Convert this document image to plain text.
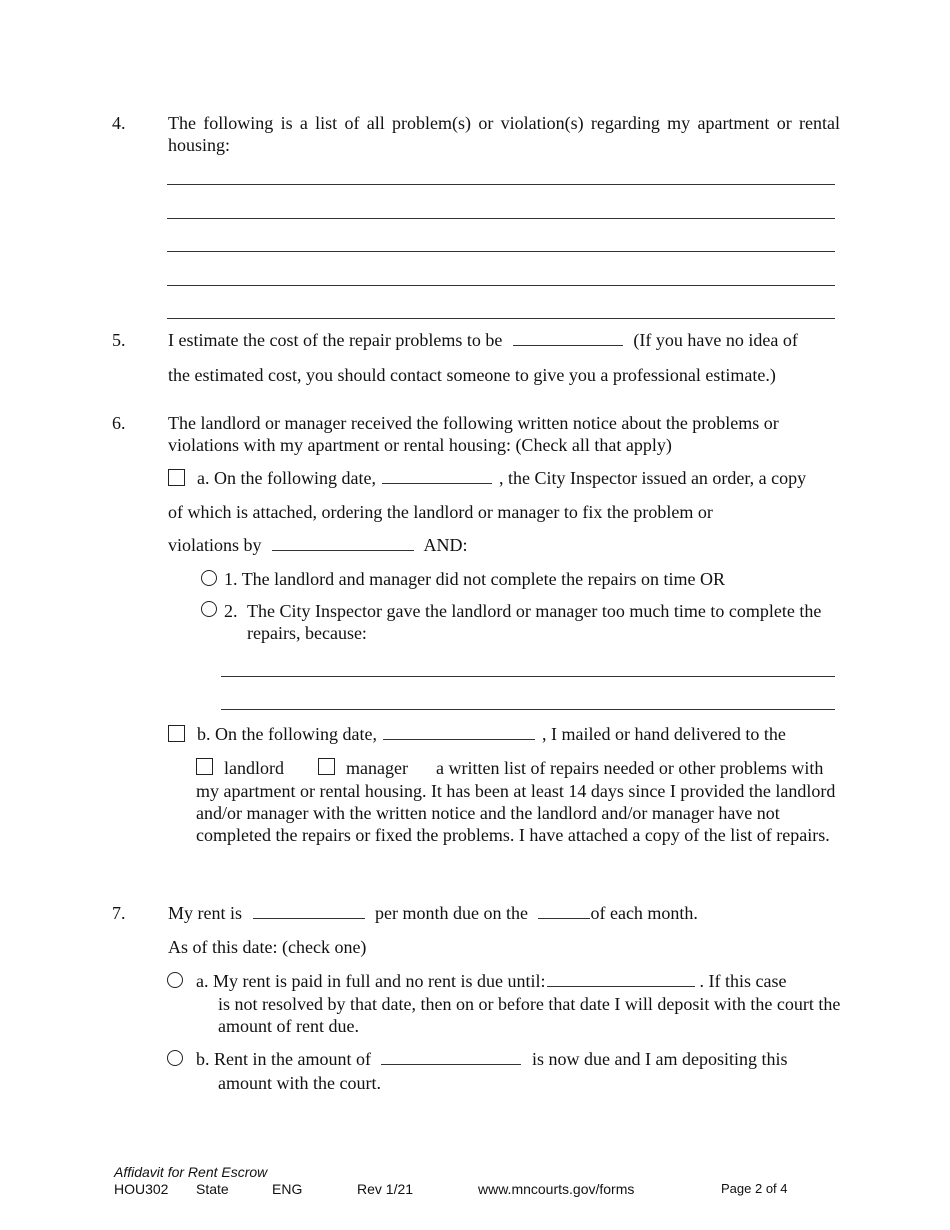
4. The following is a list of all problem(s) or violation(s) regarding my apartment or rental housing:
5. I estimate the cost of the repair problems to be	(If you have no idea of
the estimated cost, you should contact someone to give you a professional estimate.)
6. The landlord or manager received the following written notice about the problems or violations with my apartment or rental housing: (Check all that apply)
a. On the following date,	, the City Inspector issued an order, a copy
of which is attached, ordering the landlord or manager to fix the problem or
violations by	AND:
1. The landlord and manager did not complete the repairs on time OR
2. The City Inspector gave the landlord or manager too much time to complete the repairs, because:
b. On the following date,	, I mailed or hand delivered to the
landlord	manager a written list of repairs needed or other problems with
my apartment or rental housing. It has been at least 14 days since I provided the landlord and/or manager with the written notice and the landlord and/or manager have not completed the repairs or fixed the problems. I have attached a copy of the list of repairs.
7. My rent is	per month due on the	of each month.
As of this date: (check one)
a. My rent is paid in full and no rent is due until:	. If this case
is not resolved by that date, then on or before that date I will deposit with the court the amount of rent due.
b. Rent in the amount of	is now due and I am depositing this
amount with the court.
Affidavit for Rent Escrow
HOU302 State	ENG	Rev 1/21	www.mncourts.gov/forms	Page 2 of 4
